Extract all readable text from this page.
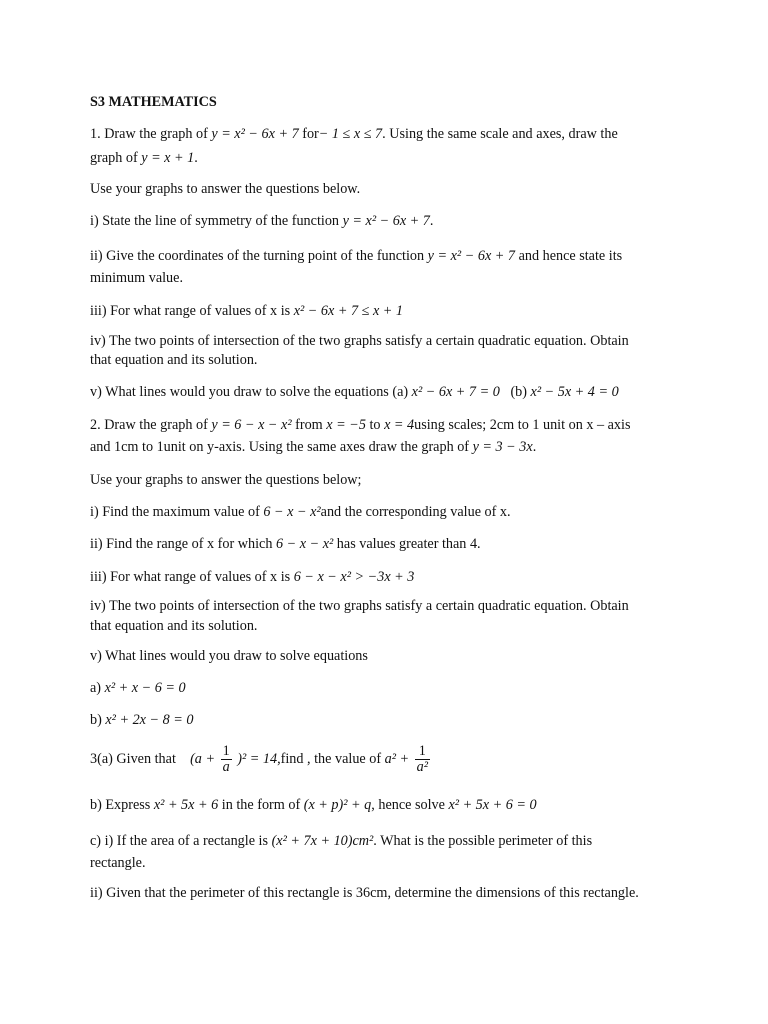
S3 MATHEMATICS
1. Draw the graph of y = x² − 6x + 7 for− 1 ≤ x ≤ 7. Using the same scale and axes, draw the
graph of y = x + 1.
Use your graphs to answer the questions below.
i) State the line of symmetry of the function y = x² − 6x + 7.
ii) Give the coordinates of the turning point of the function y = x² − 6x + 7 and hence state its
minimum value.
iii) For what range of values of x is x² − 6x + 7 ≤ x + 1
iv) The two points of intersection of the two graphs satisfy a certain quadratic equation. Obtain
that equation and its solution.
v) What lines would you draw to solve the equations (a) x² − 6x + 7 = 0 (b) x² − 5x + 4 = 0
2. Draw the graph of y = 6 − x − x² from x = −5 to x = 4using scales; 2cm to 1 unit on x – axis
and 1cm to 1unit on y-axis. Using the same axes draw the graph of y = 3 − 3x.
Use your graphs to answer the questions below;
i) Find the maximum value of 6 − x − x²and the corresponding value of x.
ii) Find the range of x for which 6 − x − x² has values greater than 4.
iii) For what range of values of x is 6 − x − x² > −3x + 3
iv) The two points of intersection of the two graphs satisfy a certain quadratic equation. Obtain
that equation and its solution.
v) What lines would you draw to solve equations
a) x² + x − 6 = 0
b) x² + 2x − 8 = 0
3(a) Given that $(a + \frac{1}{a} )^2$ = 14,find , the value of $a^2 + \frac{1}{\text{a²}}$
b) Express x² + 5x + 6 in the form of (x + p)² + q, hence solve x² + 5x + 6 = 0
c) i) If the area of a rectangle is (x² + 7x + 10)cm². What is the possible perimeter of this
rectangle.
ii) Given that the perimeter of this rectangle is 36cm, determine the dimensions of this rectangle.
